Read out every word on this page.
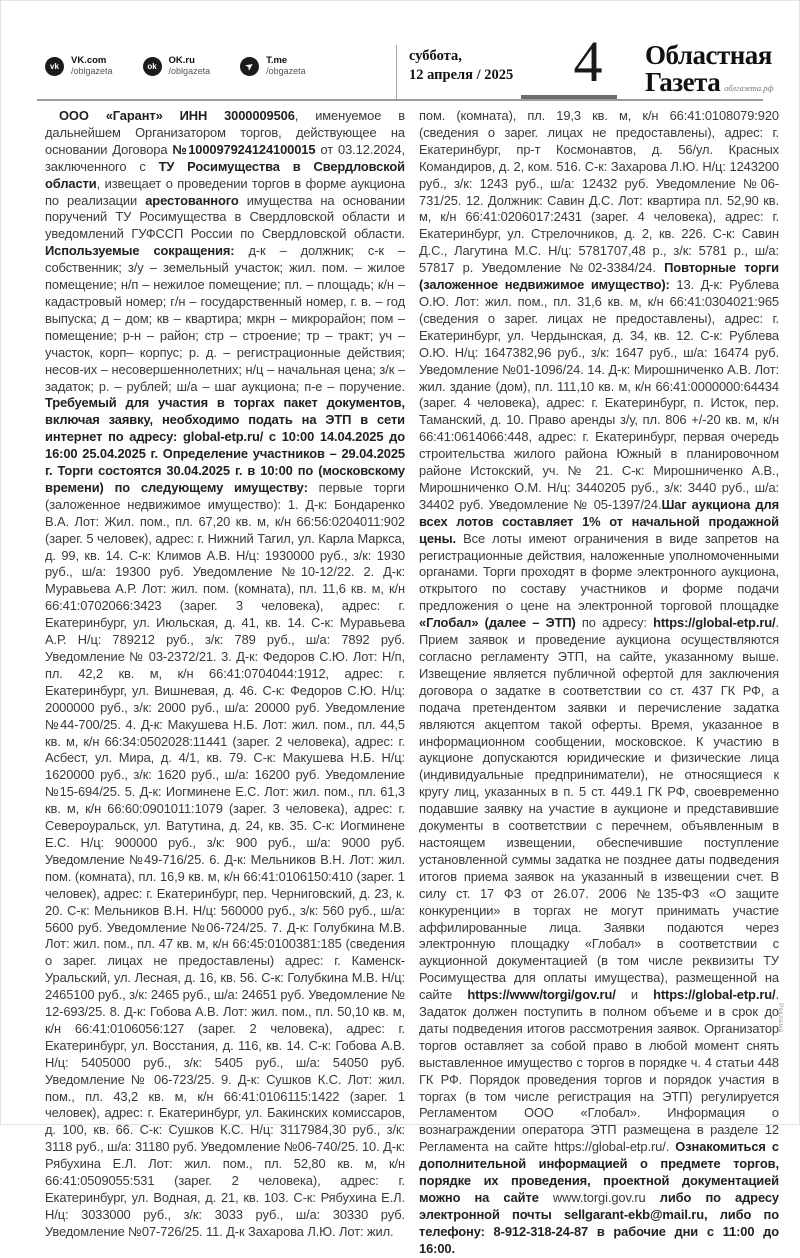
vk	VK.com
/oblgazeta	ok	OK.ru
/oblgazeta	➤ T.me
/obgazeta
суббота,
12 апреля / 2025	4	Областная
Газета облгазета.рф
ООО «Гарант» ИНН 3000009506, именуемое в дальнейшем Организатором торгов, действующее на основании Договора №100097924124100015 от 03.12.2024, заключенного с ТУ Росимущества в Свердловской области, извещает о проведении торгов в форме аукциона по реализации арестованного имущества на основании поручений ТУ Росимущества в Свердловской области и уведомлений ГУФССП России по Свердловской области. Используемые сокращения: д-к – должник; с-к – собственник; з/у – земельный участок; жил. пом. – жилое помещение; н/п – нежилое помещение; пл. – площадь; к/н – кадастровый номер; г/н – государственный номер, г. в. – год выпуска; д – дом; кв – квартира; мкрн – микрорайон; пом – помещение; р-н – район; стр – строение; тр – тракт; уч – участок, корп– корпус; р. д. – регистрационные действия; несов-их – несовершеннолетних; н/ц – начальная цена; з/к – задаток; р. – рублей; ш/а – шаг аукциона; п-е – поручение. Требуемый для участия в торгах пакет документов, включая заявку, необходимо подать на ЭТП в сети интернет по адресу: global-etp.ru/ с 10:00 14.04.2025 до 16:00 25.04.2025 г. Определение участников – 29.04.2025 г. Торги состоятся 30.04.2025 г. в 10:00 по (московскому времени) по следующему имуществу: первые торги (заложенное недвижимое имущество): 1. Д-к: Бондаренко В.А. Лот: Жил. пом., пл. 67,20 кв. м, к/н 66:56:0204011:902 (зарег. 5 человек), адрес: г. Нижний Тагил, ул. Карла Маркса, д. 99, кв. 14. С-к: Климов А.В. Н/ц: 1930000 руб., з/к: 1930 руб., ш/а: 19300 руб. Уведомление №10-12/22. 2. Д-к: Муравьева А.Р. Лот: жил. пом. (комната), пл. 11,6 кв. м, к/н 66:41:0702066:3423 (зарег. 3 человека), адрес: г. Екатеринбург, ул. Июльская, д. 41, кв. 14. С-к: Муравьева А.Р. Н/ц: 789212 руб., з/к: 789 руб., ш/а: 7892 руб. Уведомление № 03-2372/21. 3. Д-к: Федоров С.Ю. Лот: Н/п, пл. 42,2 кв. м, к/н 66:41:0704044:1912, адрес: г. Екатеринбург, ул. Вишневая, д. 46. С-к: Федоров С.Ю. Н/ц: 2000000 руб., з/к: 2000 руб., ш/а: 20000 руб. Уведомление №44-700/25. 4. Д-к: Макушева Н.Б. Лот: жил. пом., пл. 44,5 кв. м, к/н 66:34:0502028:11441 (зарег. 2 человека), адрес: г. Асбест, ул. Мира, д. 4/1, кв. 79. С-к: Макушева Н.Б. Н/ц: 1620000 руб., з/к: 1620 руб., ш/а: 16200 руб. Уведомление №15-694/25. 5. Д-к: Иогминене Е.С. Лот: жил. пом., пл. 61,3 кв. м, к/н 66:60:0901011:1079 (зарег. 3 человека), адрес: г. Североуральск, ул. Ватутина, д. 24, кв. 35. С-к: Иогминене Е.С. Н/ц: 900000 руб., з/к: 900 руб., ш/а: 9000 руб. Уведомление №49-716/25. 6. Д-к: Мельников В.Н. Лот: жил. пом. (комната), пл. 16,9 кв. м, к/н 66:41:0106150:410 (зарег. 1 человек), адрес: г. Екатеринбург, пер. Черниговский, д. 23, к. 20. С-к: Мельников В.Н. Н/ц: 560000 руб., з/к: 560 руб., ш/а: 5600 руб. Уведомление №06-724/25. 7. Д-к: Голубкина М.В. Лот: жил. пом., пл. 47 кв. м, к/н 66:45:0100381:185 (сведения о зарег. лицах не предоставлены) адрес: г. Каменск-Уральский, ул. Лесная, д. 16, кв. 56. С-к: Голубкина М.В. Н/ц: 2465100 руб., з/к: 2465 руб., ш/а: 24651 руб. Уведомление № 12-693/25. 8. Д-к: Гобова А.В. Лот: жил. пом., пл. 50,10 кв. м, к/н 66:41:0106056:127 (зарег. 2 человека), адрес: г. Екатеринбург, ул. Восстания, д. 116, кв. 14. С-к: Гобова А.В. Н/ц: 5405000 руб., з/к: 5405 руб., ш/а: 54050 руб. Уведомление № 06-723/25. 9. Д-к: Сушков К.С. Лот: жил. пом., пл. 43,2 кв. м, к/н 66:41:0106115:1422 (зарег. 1 человек), адрес: г. Екатеринбург, ул. Бакинских комиссаров, д. 100, кв. 66. С-к: Сушков К.С. Н/ц: 3117984,30 руб., з/к: 3118 руб., ш/а: 31180 руб. Уведомление №06-740/25. 10. Д-к: Рябухина Е.Л. Лот: жил. пом., пл. 52,80 кв. м, к/н 66:41:0509055:531 (зарег. 2 человека), адрес: г. Екатеринбург, ул. Водная, д. 21, кв. 103. С-к: Рябухина Е.Л. Н/ц: 3033000 руб., з/к: 3033 руб., ш/а: 30330 руб. Уведомление №07-726/25. 11. Д-к Захарова Л.Ю. Лот: жил.
пом. (комната), пл. 19,3 кв. м, к/н 66:41:0108079:920 (сведения о зарег. лицах не предоставлены), адрес: г. Екатеринбург, пр-т Космонавтов, д. 56/ул. Красных Командиров, д. 2, ком. 516. С-к: Захарова Л.Ю. Н/ц: 1243200 руб., з/к: 1243 руб., ш/а: 12432 руб. Уведомление №06-731/25. 12. Должник: Савин Д.С. Лот: квартира пл. 52,90 кв. м, к/н 66:41:0206017:2431 (зарег. 4 человека), адрес: г. Екатеринбург, ул. Стрелочников, д. 2, кв. 226. С-к: Савин Д.С., Лагутина М.С. Н/ц: 5781707,48 р., з/к: 5781 р., ш/а: 57817 р. Уведомление №02-3384/24. Повторные торги (заложенное недвижимое имущество): 13. Д-к: Рублева О.Ю. Лот: жил. пом., пл. 31,6 кв. м, к/н 66:41:0304021:965 (сведения о зарег. лицах не предоставлены), адрес: г. Екатеринбург, ул. Чердынская, д. 34, кв. 12. С-к: Рублева О.Ю. Н/ц: 1647382,96 руб., з/к: 1647 руб., ш/а: 16474 руб. Уведомление №01-1096/24. 14. Д-к: Мирошниченко А.В. Лот: жил. здание (дом), пл. 111,10 кв. м, к/н 66:41:0000000:64434 (зарег. 4 человека), адрес: г. Екатеринбург, п. Исток, пер. Таманский, д. 10. Право аренды з/у, пл. 806 +/-20 кв. м, к/н 66:41:0614066:448, адрес: г. Екатеринбург, первая очередь строительства жилого района Южный в планировочном районе Истокский, уч. № 21. С-к: Мирошниченко А.В., Мирошниченко О.М. Н/ц: 3440205 руб., з/к: 3440 руб., ш/а: 34402 руб. Уведомление № 05-1397/24.Шаг аукциона для всех лотов составляет 1% от начальной продажной цены. Все лоты имеют ограничения в виде запретов на регистрационные действия, наложенные уполномоченными органами. Торги проходят в форме электронного аукциона, открытого по составу участников и форме подачи предложения о цене на электронной торговой площадке «Глобал» (далее – ЭТП) по адресу: https://global-etp.ru/. Прием заявок и проведение аукциона осуществляются согласно регламенту ЭТП, на сайте, указанному выше. Извещение является публичной офертой для заключения договора о задатке в соответствии со ст. 437 ГК РФ, а подача претендентом заявки и перечисление задатка являются акцептом такой оферты. Время, указанное в информационном сообщении, московское. К участию в аукционе допускаются юридические и физические лица (индивидуальные предприниматели), не относящиеся к кругу лиц, указанных в п. 5 ст. 449.1 ГК РФ, своевременно подавшие заявку на участие в аукционе и представившие документы в соответствии с перечнем, объявленным в настоящем извещении, обеспечившие поступление установленной суммы задатка не позднее даты подведения итогов приема заявок на указанный в извещении счет. В силу ст. 17 ФЗ от 26.07. 2006 №135-ФЗ «О защите конкуренции» в торгах не могут принимать участие аффилированные лица. Заявки подаются через электронную площадку «Глобал» в соответствии с аукционной документацией (в том числе реквизиты ТУ Росимущества для оплаты имущества), размещенной на сайте https://www/torgi/gov.ru/ и https://global-etp.ru/. Задаток должен поступить в полном объеме и в срок до даты подведения итогов рассмотрения заявок. Организатор торгов оставляет за собой право в любой момент снять выставленное имущество с торгов в порядке ч. 4 статьи 448 ГК РФ. Порядок проведения торгов и порядок участия в торгах (в том числе регистрация на ЭТП) регулируется Регламентом ООО «Глобал». Информация о вознаграждении оператора ЭТП размещена в разделе 12 Регламента на сайте https://global-etp.ru/. Ознакомиться с дополнительной информацией о предмете торгов, порядке их проведения, проектной документацией можно на сайте www.torgi.gov.ru либо по адресу электронной почты sellgarant-ekb@mail.ru, либо по телефону: 8-912-318-24-87 в рабочие дни с 11:00 до 16:00.
Реклама
